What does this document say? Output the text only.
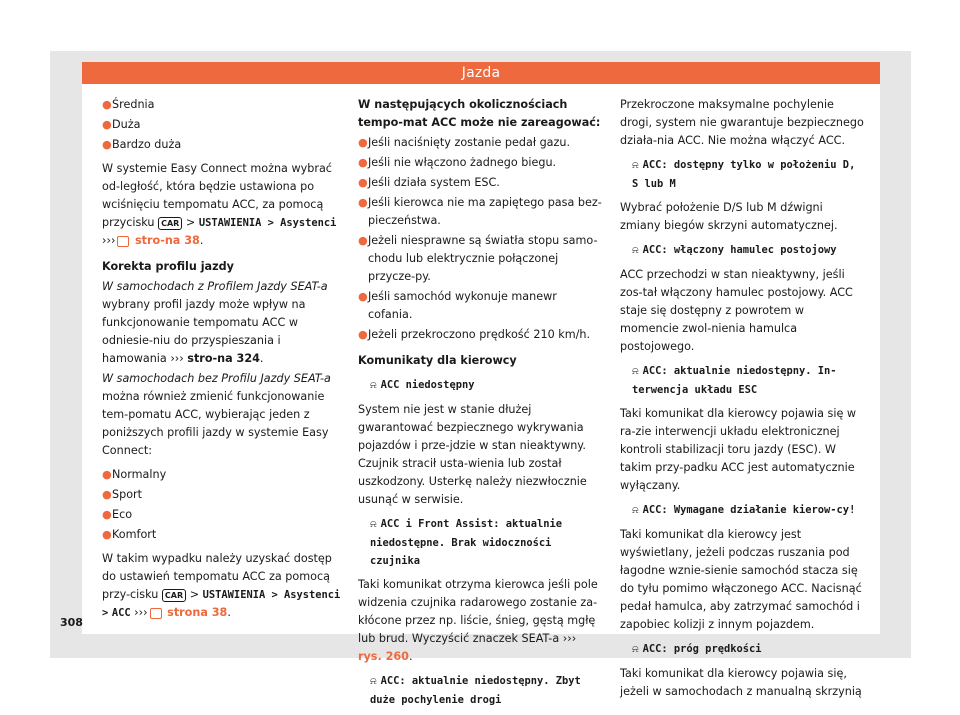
Jazda
● Średnia
● Duża
● Bardzo duża

W systemie Easy Connect można wybrać od-ległość, która będzie ustawiona po wciśnięciu tempomatu ACC, za pomocą przycisku CAR > USTAWIENIA > Asystenci ››› stro-na 38.

Korekta profilu jazdy

W samochodach z Profilem Jazdy SEAT-a wybrany profil jazdy może wpływ na funkcjonowanie tempomatu ACC w odniesie-niu do przyspieszania i hamowania ››› stro-na 324.

W samochodach bez Profilu Jazdy SEAT-a można również zmienić funkcjonowanie tem-pomatu ACC, wybierając jeden z poniższych profili jazdy w systemie Easy Connect:

● Normalny
● Sport
● Eco
● Komfort

W takim wypadku należy uzyskać dostęp do ustawień tempomatu ACC za pomocą przy-cisku CAR > USTAWIENIA > Asystenci > ACC ››› strona 38.

W następujących okolicznościach tempo-mat ACC może nie zareagować:

● Jeśli naciśnięty zostanie pedał gazu.
● Jeśli nie włączono żadnego biegu.
● Jeśli działa system ESC.
● Jeśli kierowca nie ma zapiętego pasa bez-pieczeństwa.
● Jeżeli niesprawne są światła stopu samo-chodu lub elektrycznie połączonej przycze-py.
● Jeśli samochód wykonuje manewr cofania.
● Jeżeli przekroczono prędkość 210 km/h.

Komunikaty dla kierowcy

⍾ ACC niedostępny

System nie jest w stanie dłużej gwarantować bezpiecznego wykrywania pojazdów i prze-jdzie w stan nieaktywny. Czujnik stracił usta-wienia lub został uszkodzony. Usterkę należy niezwłocznie usunąć w serwisie.

⍾ ACC i Front Assist: aktualnie niedostępne. Brak widoczności czujnika

Taki komunikat otrzyma kierowca jeśli pole widzenia czujnika radarowego zostanie za-kłócone przez np. liście, śnieg, gęstą mgłę lub brud. Wyczyścić znaczek SEAT-a ››› rys. 260.

⍾ ACC: aktualnie niedostępny. Zbyt duże pochylenie drogi

Przekroczone maksymalne pochylenie drogi, system nie gwarantuje bezpiecznego działa-nia ACC. Nie można włączyć ACC.

⍾ ACC: dostępny tylko w położeniu D, S lub M

Wybrać położenie D/S lub M dźwigni zmiany biegów skrzyni automatycznej.

⍾ ACC: włączony hamulec postojowy

ACC przechodzi w stan nieaktywny, jeśli zos-tał włączony hamulec postojowy. ACC staje się dostępny z powrotem w momencie zwol-nienia hamulca postojowego.

⍾ ACC: aktualnie niedostępny. In-terwencja układu ESC

Taki komunikat dla kierowcy pojawia się w ra-zie interwencji układu elektronicznej kontroli stabilizacji toru jazdy (ESC). W takim przy-padku ACC jest automatycznie wyłączany.

⍾ ACC: Wymagane działanie kierow-cy!

Taki komunikat dla kierowcy jest wyświetlany, jeżeli podczas ruszania pod łagodne wznie-sienie samochód stacza się do tyłu pomimo włączonego ACC. Nacisnąć pedał hamulca, aby zatrzymać samochód i zapobiec kolizji z innym pojazdem.

⍾ ACC: próg prędkości

Taki komunikat dla kierowcy pojawia się, jeżeli w samochodach z manualną skrzynią

308
